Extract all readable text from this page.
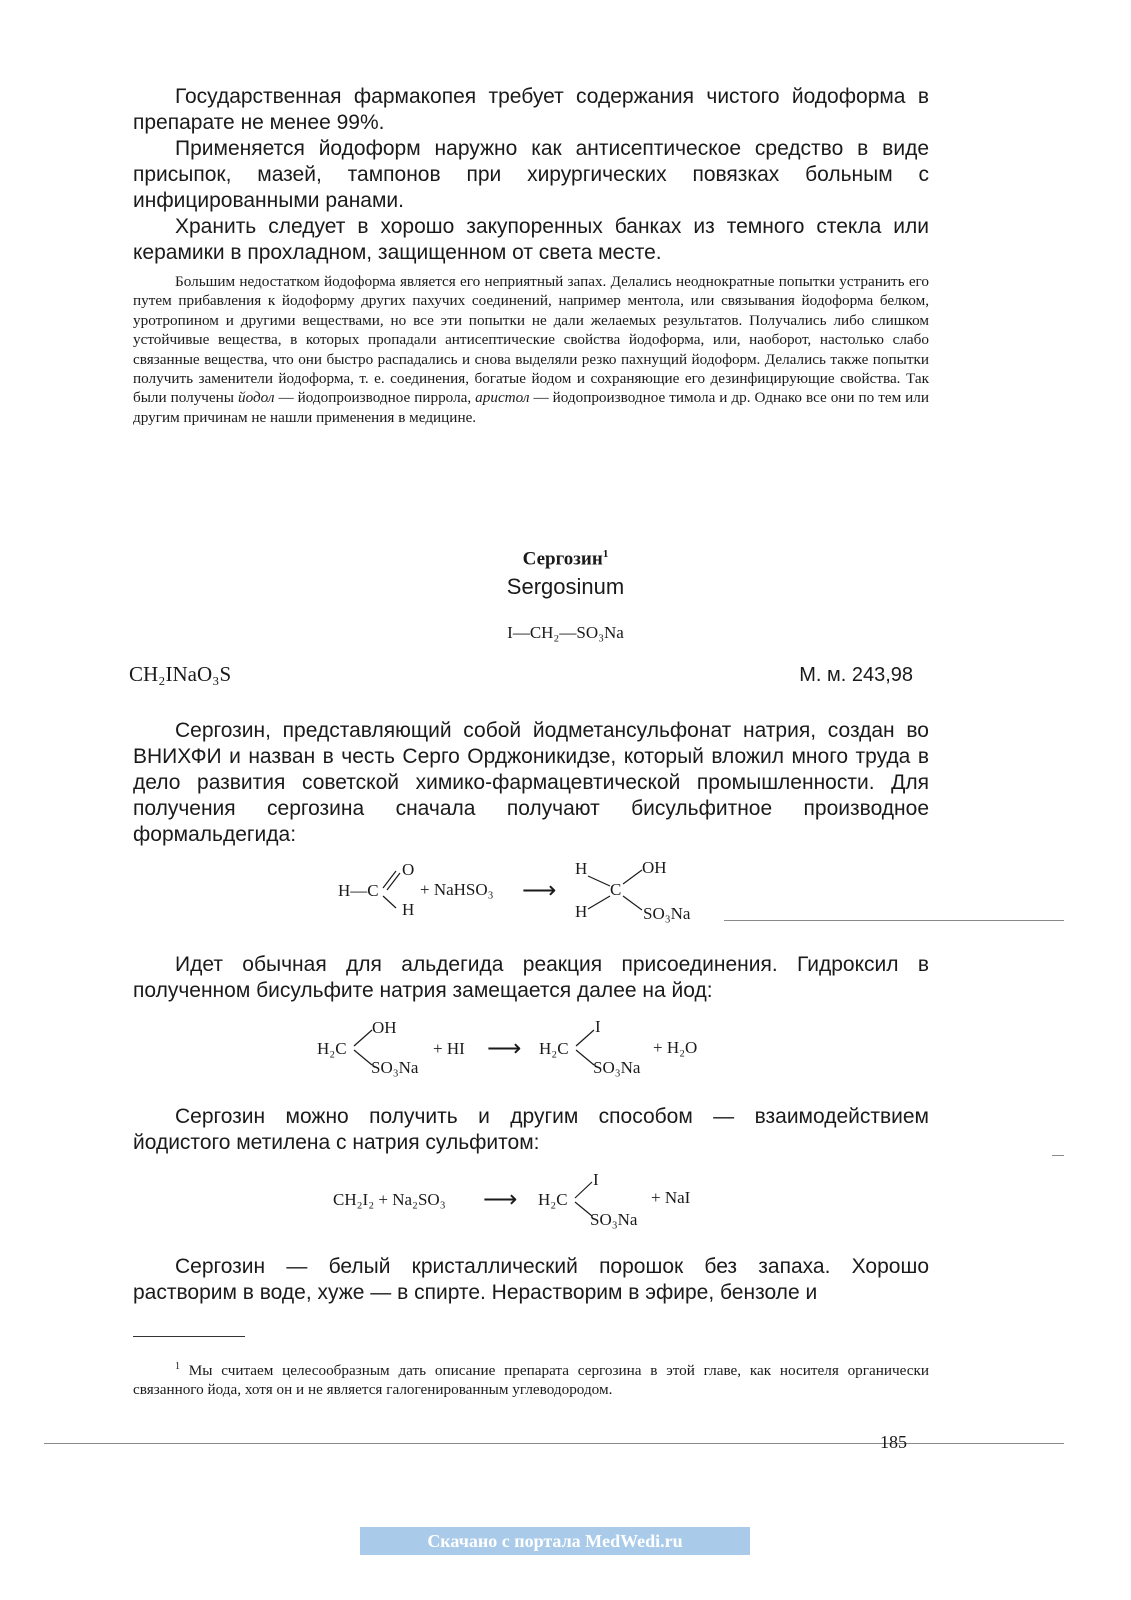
Государственная фармакопея требует содержания чистого йодоформа в препарате не менее 99%.

Применяется йодоформ наружно как антисептическое средство в виде присыпок, мазей, тампонов при хирургических повязках больным с инфицированными ранами.

Хранить следует в хорошо закупоренных банках из темного стекла или керамики в прохладном, защищенном от света месте.

Большим недостатком йодоформа является его неприятный запах. Делались неоднократные попытки устранить его путем прибавления к йодоформу других пахучих соединений, например ментола, или связывания йодоформа белком, уротропином и другими веществами, но все эти попытки не дали желаемых результатов. Получались либо слишком устойчивые вещества, в которых пропадали антисептические свойства йодоформа, или, наоборот, настолько слабо связанные вещества, что они быстро распадались и снова выделяли резко пахнущий йодоформ. Делались также попытки получить заменители йодоформа, т. е. соединения, богатые йодом и сохраняющие его дезинфицирующие свойства. Так были получены йодол — йодопроизводное пиррола, аристол — йодопроизводное тимола и др. Однако все они по тем или другим причинам не нашли применения в медицине.

Сергозин$^1$
Sergosinum
I—CH₂—SO₃Na
CH₂INaO₃S	М. м. 243,98

Сергозин, представляющий собой йодметансульфонат натрия, создан во ВНИХФИ и назван в честь Серго Орджоникидзе, который вложил много труда в дело развития советской химико-фармацевтической промышленности. Для получения сергозина сначала получают бисульфитное производное формальдегида:

H—C
O
H
+ NaHSO₃ ⟶
H
H
C
OH
SO₃Na

Идет обычная для альдегида реакция присоединения. Гидроксил в полученном бисульфите натрия замещается далее на йод:

H₂C
OH
SO₃Na
+ HI ⟶ H₂C
I
SO₃Na
+ H₂O

Сергозин можно получить и другим способом — взаимодействием йодистого метилена с натрия сульфитом:

CH₂I₂ + Na₂SO₃ ⟶ H₂C
I
SO₃Na
+ NaI

Сергозин — белый кристаллический порошок без запаха. Хорошо растворим в воде, хуже — в спирте. Нерастворим в эфире, бензоле и

$^1$ Мы считаем целесообразным дать описание препарата сергозина в этой главе, как носителя органически связанного йода, хотя он и не является галогенированным углеводородом.

185
Скачано с портала MedWedi.ru
